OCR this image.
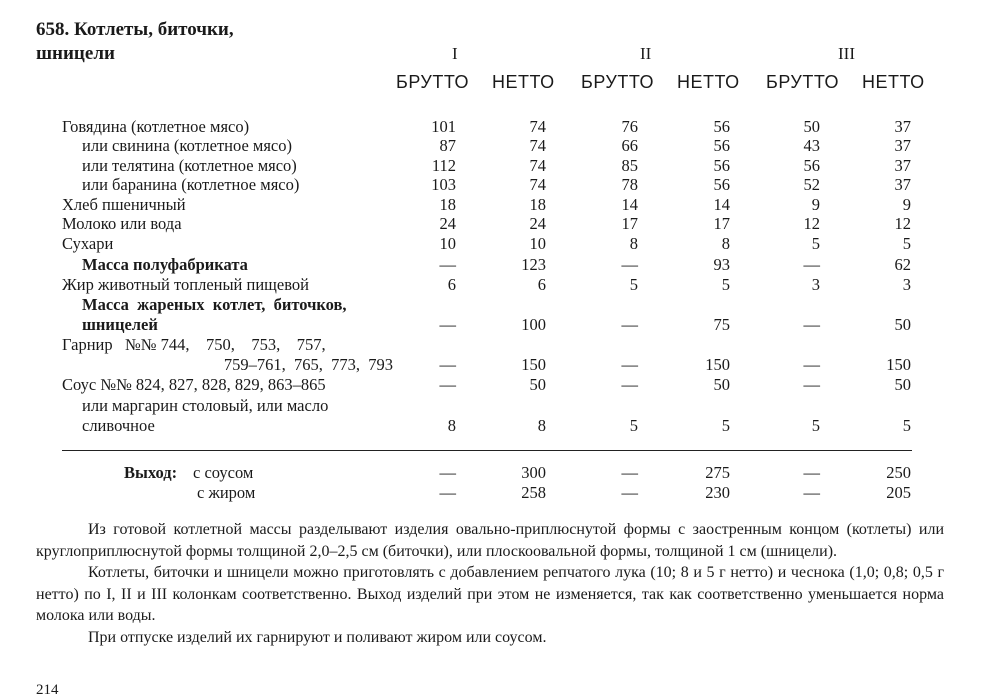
658. Котлеты, биточки,
шницели	I	II	III
БРУТТО НЕТТО БРУТТО НЕТТО БРУТТО НЕТТО
Говядина (котлетное мясо)	101	74	76	56	50	37
или свинина (котлетное мясо)	87	74	66	56	43	37
или телятина (котлетное мясо)	112	74	85	56	56	37
или баранина (котлетное мясо)	103	74	78	56	52	37
Хлеб пшеничный	18	18	14	14	9	9
Молоко или вода	24	24	17	17	12	12
Сухари	10	10	8	8	5	5
Масса полуфабриката	—	123	—	93	—	62
Жир животный топленый пищевой	6	6	5	5	3	3
Масса  жареных  котлет,  биточков,
шницелей	—	100	—	75	—	50
Гарнир   №№ 744,    750,    753,    757,
759–761,  765,  773,  793	—	150	—	150	—	150
Соус №№ 824, 827, 828, 829, 863–865	—	50	—	50	—	50
или маргарин столовый, или масло
сливочное	8	8	5	5	5	5
Выход: с соусом	—	300	—	275	—	250
с жиром	—	258	—	230	—	205

Из готовой котлетной массы разделывают изделия овально-приплюснутой формы с заостренным концом (котлеты) или круглоприплюснутой формы толщиной 2,0–2,5 см (биточки), или плоскоовальной формы, толщиной 1 см (шницели).

Котлеты, биточки и шницели можно приготовлять с добавлением репчатого лука (10; 8 и 5 г нетто) и чеснока (1,0; 0,8; 0,5 г нетто) по I, II и III колонкам соответственно. Выход изделий при этом не изменяется, так как соответственно уменьшается норма молока или воды.

При отпуске изделий их гарнируют и поливают жиром или соусом.

214
